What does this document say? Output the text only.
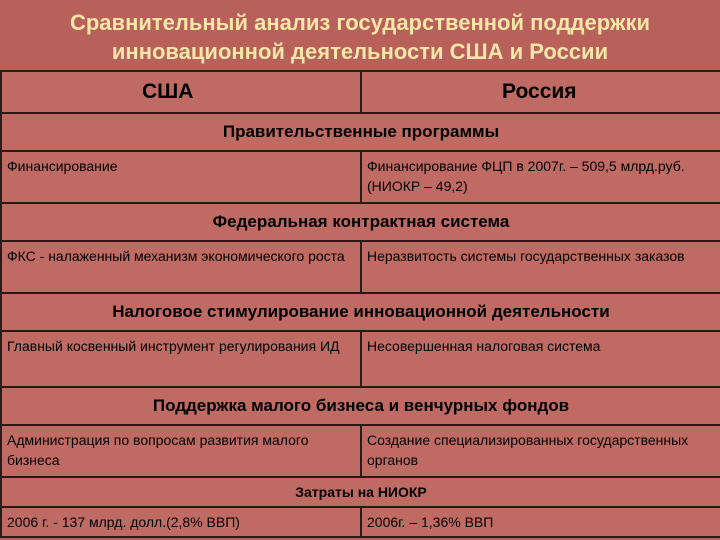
Сравнительный анализ государственной поддержки
инновационной деятельности США и России
США	Россия
Правительственные программы	
Финансирование	Финансирование ФЦП в 2007г. – 509,5 млрд.руб.(НИОКР – 49,2)
Федеральная контрактная система	
ФКС - налаженный механизм экономического роста	Неразвитость системы государственных заказов
Налоговое стимулирование инновационной деятельности	
Главный косвенный инструмент регулирования ИД	Несовершенная налоговая система
Поддержка малого бизнеса и венчурных фондов	
Администрация по вопросам развития малого бизнеса	Создание специализированных государственных органов
Затраты на НИОКР	
2006 г. - 137 млрд. долл.(2,8% ВВП)	2006г. – 1,36% ВВП
